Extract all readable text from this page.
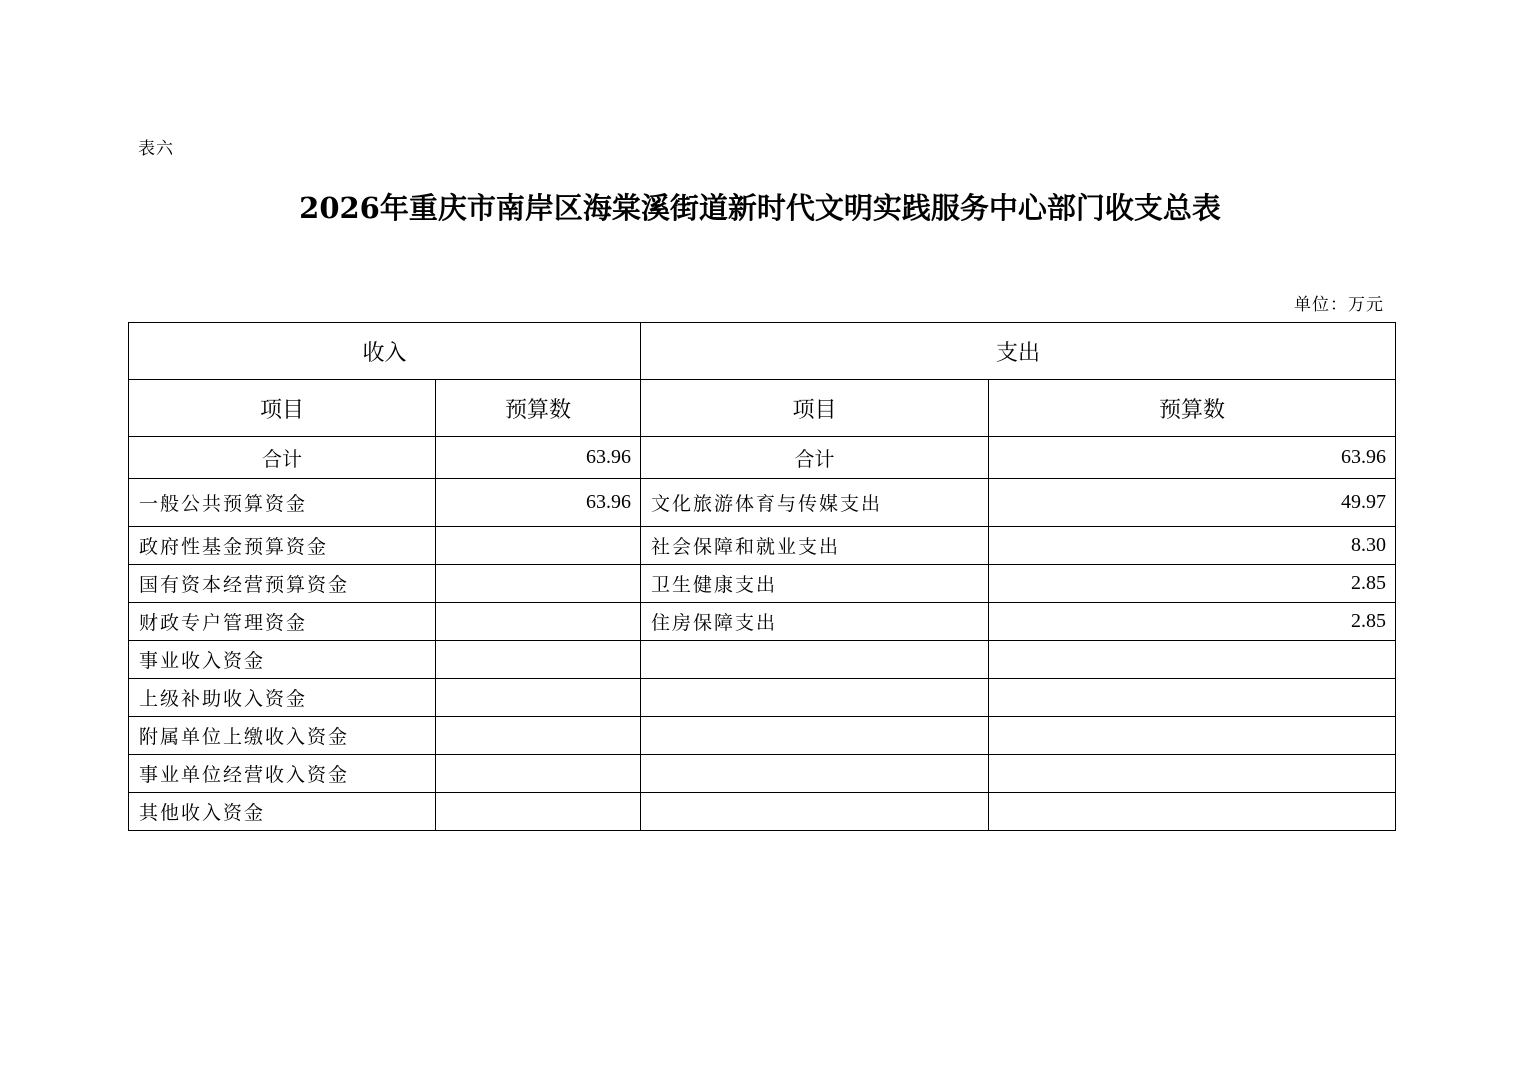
表六
2026年重庆市南岸区海棠溪街道新时代文明实践服务中心部门收支总表
单位：万元
收入		支出	
项目	预算数	项目	预算数
合计	63.96	合计	63.96
一般公共预算资金	63.96	文化旅游体育与传媒支出	49.97
政府性基金预算资金		社会保障和就业支出	8.30
国有资本经营预算资金		卫生健康支出	2.85
财政专户管理资金		住房保障支出	2.85
事业收入资金			
上级补助收入资金			
附属单位上缴收入资金			
事业单位经营收入资金			
其他收入资金			
